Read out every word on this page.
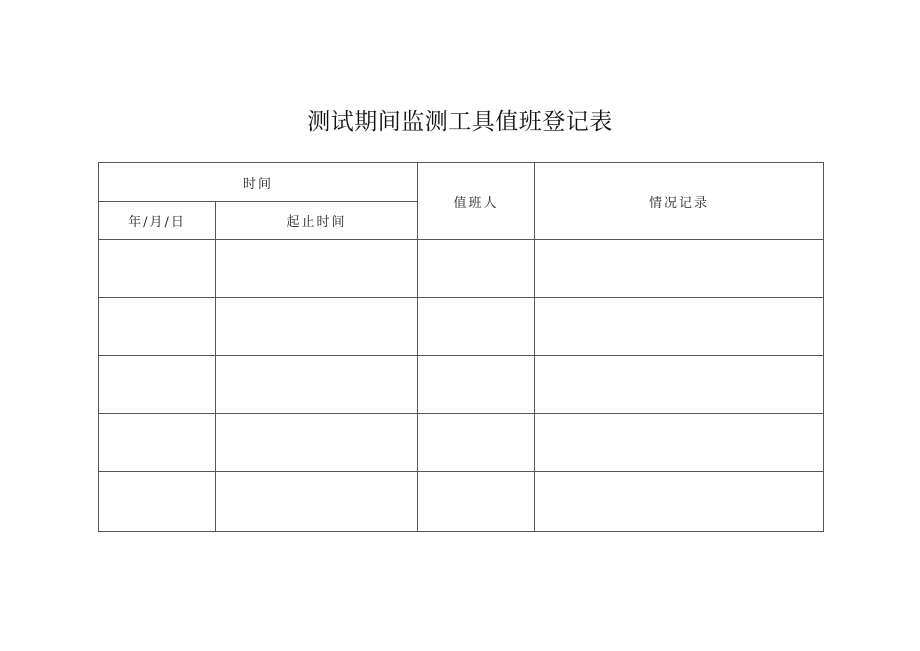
测试期间监测工具值班登记表
时间		值班人	情况记录
年/月/日	起止时间		
